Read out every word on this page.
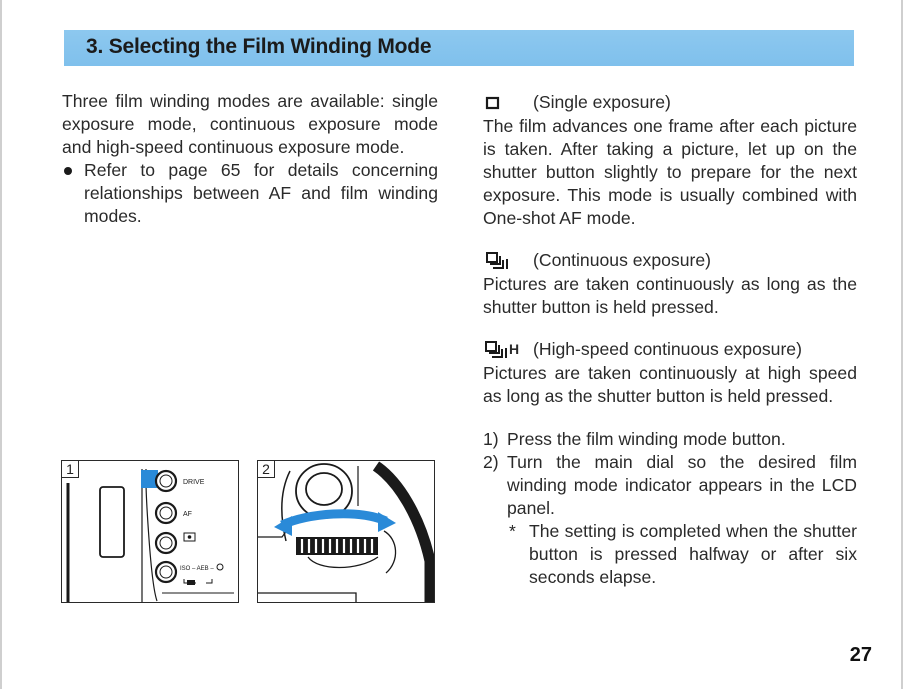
3. Selecting the Film Winding Mode

Three film winding modes are available: single exposure mode, continuous exposure mode and high-speed continuous exposure mode.

Refer to page 65 for details concerning relationships between AF and film winding modes.
(Single exposure)
The film advances one frame after each picture is taken. After taking a picture, let up on the shutter button slightly to prepare for the next exposure. This mode is usually combined with One-shot AF mode.
(Continuous exposure)
Pictures are taken continuously as long as the shutter button is held pressed.
H (High-speed continuous exposure)
Pictures are taken continuously at high speed as long as the shutter button is held pressed.
1) Press the film winding mode button.
2) Turn the main dial so the desired film winding mode indicator appears in the LCD panel.
* The setting is completed when the shutter button is pressed halfway or after six seconds elapse.
DRIVE
AF
ISO – AEB –
1	2
27
